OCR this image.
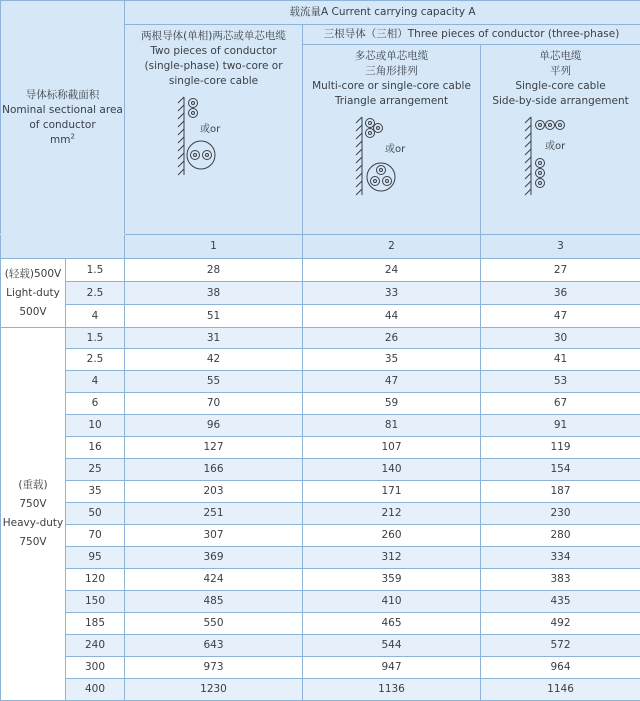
导体标称截面积
Nominal sectional area
of conductor
$mm^2$		载流量A Current carrying capacity A		

		两根导体(单相)两芯或单芯电缆
Two pieces of conductor
(single-phase) two-core or
single-core cable
或or	三根导体（三相）Three pieces of conductor (three-phase)	

			多芯或单芯电缆
三角形排列
Multi-core or single-core cable
Triangle arrangement
或or	单芯电缆
平列
Single-core cable
Side-by-side arrangement
或or

		1	2	3

(轻载)500V
Light-duty
500V	1.5	28	24	27
	2.5	38	33	36
	4	51	44	47

(重载)
750V
Heavy-duty
750V	1.5	31	26	30
	2.5	42	35	41
	4	55	47	53
	6	70	59	67
	10	96	81	91
	16	127	107	119
	25	166	140	154
	35	203	171	187
	50	251	212	230
	70	307	260	280
	95	369	312	334
	120	424	359	383
	150	485	410	435
	185	550	465	492
	240	643	544	572
	300	973	947	964
	400	1230	1136	1146
